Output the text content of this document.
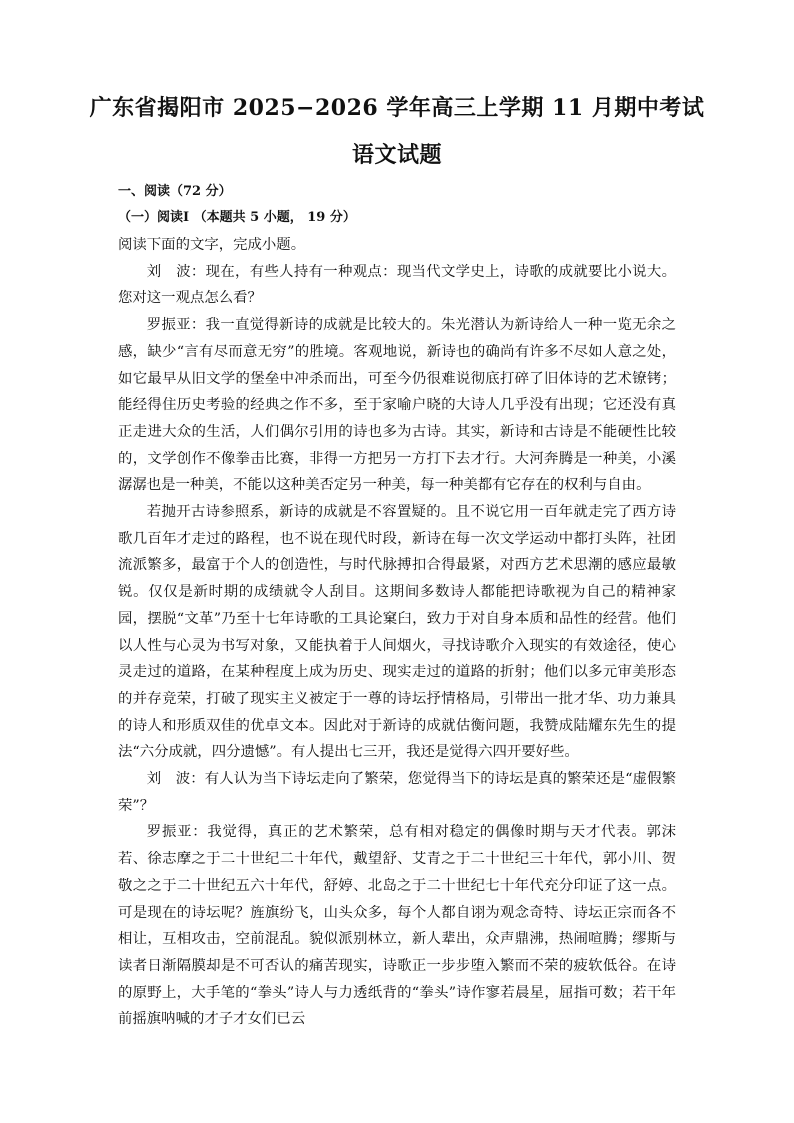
广东省揭阳市 2025−2026 学年高三上学期 11 月期中考试
语文试题
一、阅读（72 分）
（一）阅读Ⅰ （本题共 5 小题， 19 分）

阅读下面的文字，完成小题。

刘　波：现在，有些人持有一种观点：现当代文学史上，诗歌的成就要比小说大。您对这一观点怎么看？

罗振亚：我一直觉得新诗的成就是比较大的。朱光潜认为新诗给人一种一览无余之感，缺少“言有尽而意无穷”的胜境。客观地说，新诗也的确尚有许多不尽如人意之处，如它最早从旧文学的堡垒中冲杀而出，可至今仍很难说彻底打碎了旧体诗的艺术镣铐；能经得住历史考验的经典之作不多，至于家喻户晓的大诗人几乎没有出现；它还没有真正走进大众的生活，人们偶尔引用的诗也多为古诗。其实，新诗和古诗是不能硬性比较的，文学创作不像拳击比赛，非得一方把另一方打下去才行。大河奔腾是一种美，小溪潺潺也是一种美，不能以这种美否定另一种美，每一种美都有它存在的权利与自由。

若抛开古诗参照系，新诗的成就是不容置疑的。且不说它用一百年就走完了西方诗歌几百年才走过的路程，也不说在现代时段，新诗在每一次文学运动中都打头阵，社团流派繁多，最富于个人的创造性，与时代脉搏扣合得最紧，对西方艺术思潮的感应最敏锐。仅仅是新时期的成绩就令人刮目。这期间多数诗人都能把诗歌视为自己的精神家园，摆脱“文革”乃至十七年诗歌的工具论窠臼，致力于对自身本质和品性的经营。他们以人性与心灵为书写对象，又能执着于人间烟火，寻找诗歌介入现实的有效途径，使心灵走过的道路，在某种程度上成为历史、现实走过的道路的折射；他们以多元审美形态的并存竞荣，打破了现实主义被定于一尊的诗坛抒情格局，引带出一批才华、功力兼具的诗人和形质双佳的优卓文本。因此对于新诗的成就估衡问题，我赞成陆耀东先生的提法“六分成就，四分遗憾”。有人提出七三开，我还是觉得六四开要好些。

刘　波：有人认为当下诗坛走向了繁荣，您觉得当下的诗坛是真的繁荣还是“虚假繁荣”？

罗振亚：我觉得，真正的艺术繁荣，总有相对稳定的偶像时期与天才代表。郭沫若、徐志摩之于二十世纪二十年代，戴望舒、艾青之于二十世纪三十年代，郭小川、贺敬之之于二十世纪五六十年代，舒婷、北岛之于二十世纪七十年代充分印证了这一点。可是现在的诗坛呢？旌旗纷飞，山头众多，每个人都自诩为观念奇特、诗坛正宗而各不相让，互相攻击，空前混乱。貌似派别林立，新人辈出，众声鼎沸，热闹喧腾；缪斯与读者日渐隔膜却是不可否认的痛苦现实，诗歌正一步步堕入繁而不荣的疲软低谷。在诗的原野上，大手笔的“拳头”诗人与力透纸背的“拳头”诗作寥若晨星，屈指可数；若干年前摇旗呐喊的才子才女们已云
